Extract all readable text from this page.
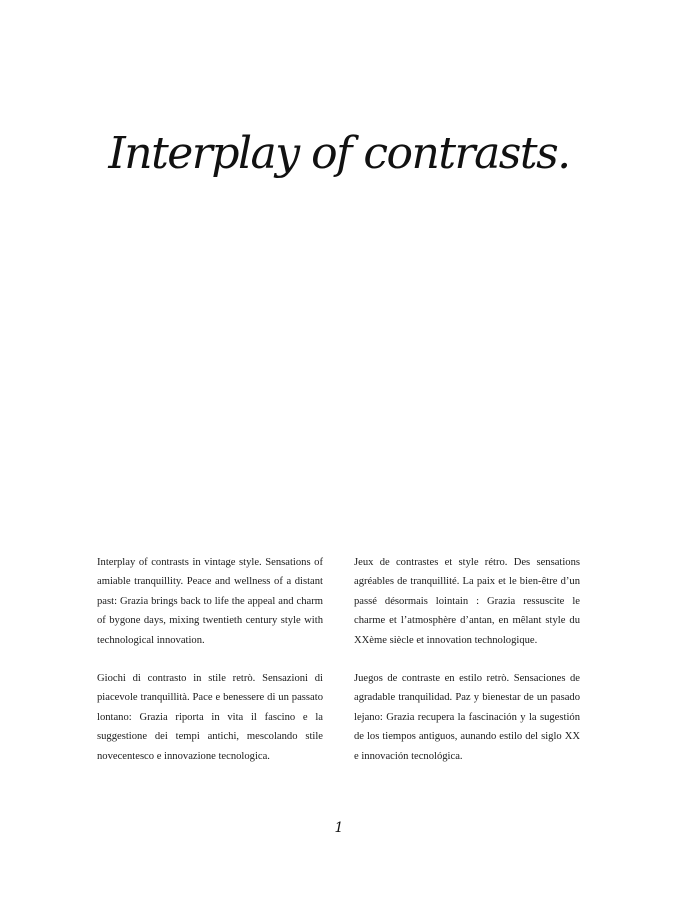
Interplay of contrasts.

Interplay of contrasts in vintage style. Sensations of amiable tranquillity. Peace and wellness of a distant past: Grazia brings back to life the appeal and charm of bygone days, mixing twentieth century style with technological innovation.

Jeux de contrastes et style rétro. Des sensations agréables de tranquillité. La paix et le bien-être d’un passé désormais lointain : Grazia ressuscite le charme et l’atmosphère d’antan, en mêlant style du XXème siècle et innovation technologique.

Giochi di contrasto in stile retrò. Sensazioni di piacevole tranquillità. Pace e benessere di un passato lontano: Grazia riporta in vita il fascino e la suggestione dei tempi antichi, mescolando stile novecentesco e innovazione tecnologica.

Juegos de contraste en estilo retrò. Sensaciones de agradable tranquilidad. Paz y bienestar de un pasado lejano: Grazia recupera la fascinación y la sugestión de los tiempos antiguos, aunando estilo del siglo XX e innovación tecnológica.

1
